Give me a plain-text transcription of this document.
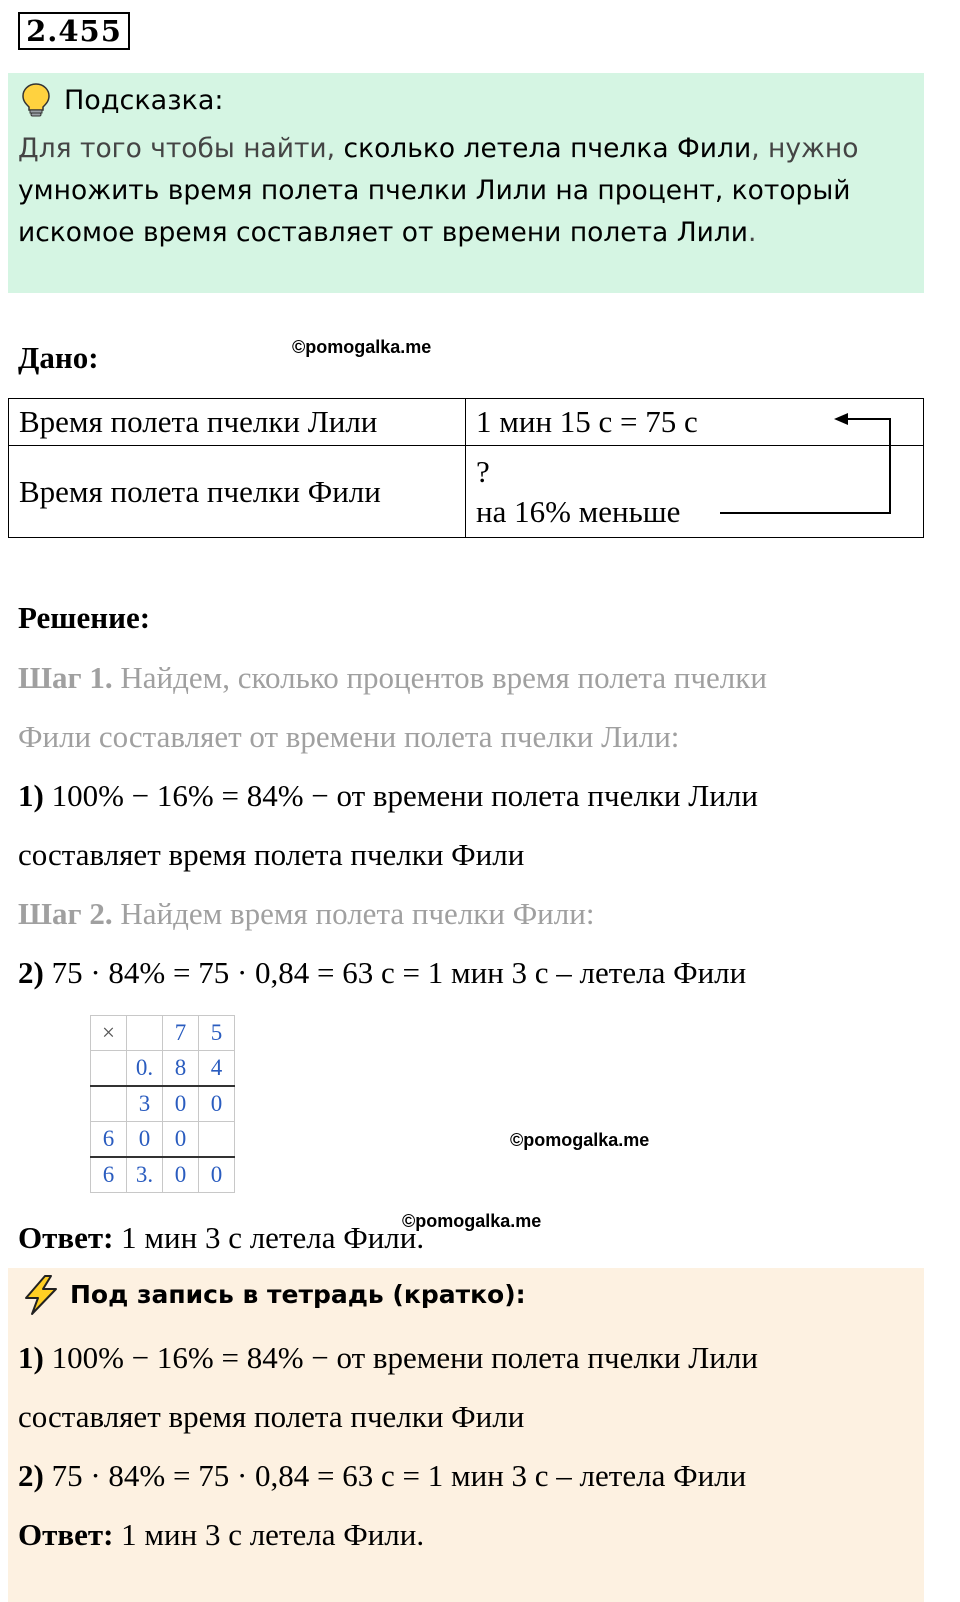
2.455
Подсказка:
Для того чтобы найти, сколько летела пчелка Фили, нужно умножить время полета пчелки Лили на процент, который искомое время составляет от времени полета Лили.
Дано:	©pomogalka.me
Время полета пчелки Лили	1 мин 15 с = 75 с
Время полета пчелки Фили	?
на 16% меньше
Решение:
Шаг 1. Найдем, сколько процентов время полета пчелки
Фили составляет от времени полета пчелки Лили:
1) 100% − 16% = 84% − от времени полета пчелки Лили
составляет время полета пчелки Фили
Шаг 2. Найдем время полета пчелки Фили:
2) 75 · 84% = 75 · 0,84 = 63 с = 1 мин 3 с – летела Фили
×		7	5
	0.	8	4
	3	0	0
6	0	0	
6	3.	0	0
©pomogalka.me
Ответ: 1 мин 3 с летела Фили.
©pomogalka.me
Под запись в тетрадь (кратко):
1) 100% − 16% = 84% − от времени полета пчелки Лили
составляет время полета пчелки Фили
2) 75 · 84% = 75 · 0,84 = 63 с = 1 мин 3 с – летела Фили
Ответ: 1 мин 3 с летела Фили.
